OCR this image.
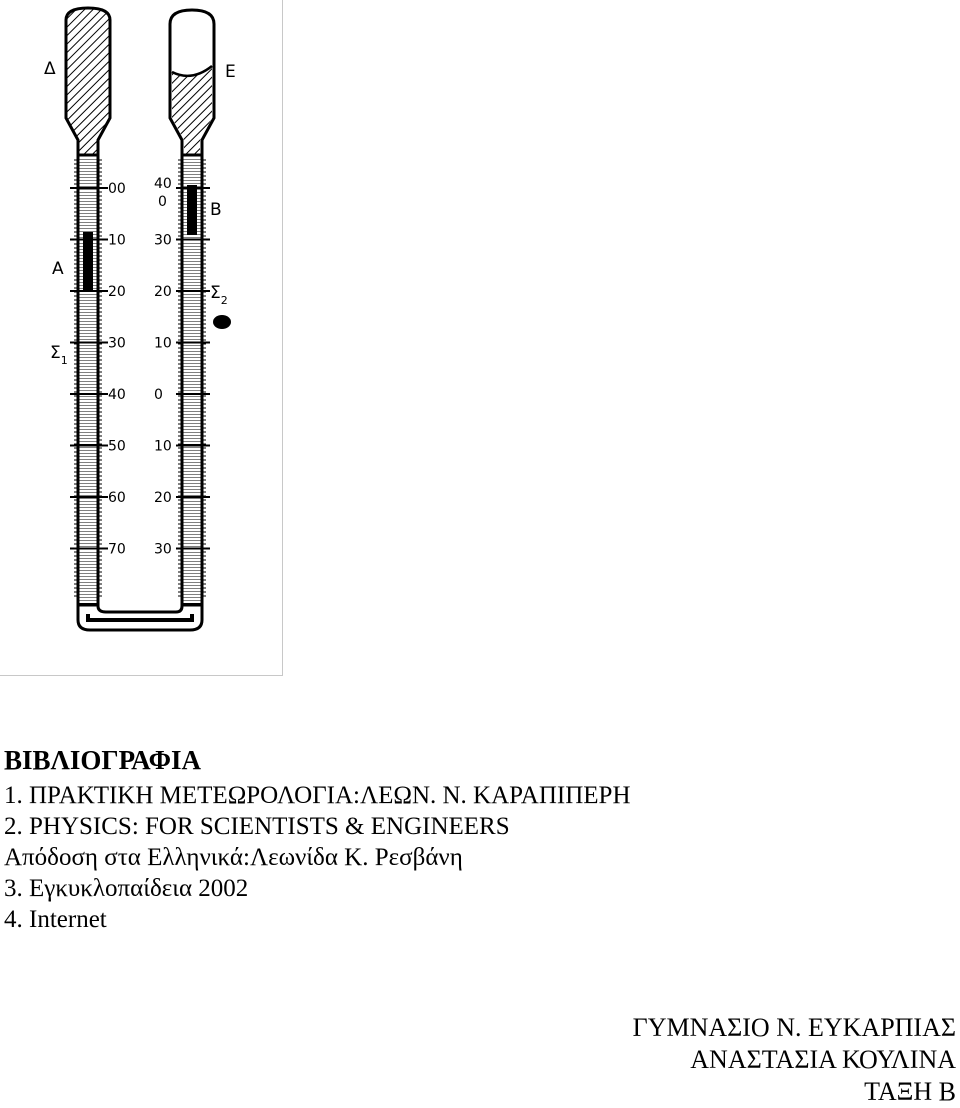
00
10
20
30
40
50
60
70
40
30
20
10
0
10
20
30
Δ	Ε
Α
Β
$\Sigma_1$
$\Sigma_2$
0
ΒΙΒΛΙΟΓΡΑΦΙΑ
1. ΠΡΑΚΤΙΚΗ ΜΕΤΕΩΡΟΛΟΓΙΑ:ΛΕΩΝ. Ν. ΚΑΡΑΠΙΠΕΡΗ
2. PHYSICS: FOR SCIENTISTS & ENGINEERS
Απόδοση στα Ελληνικά:Λεωνίδα Κ. Ρεσβάνη
3. Εγκυκλοπαίδεια 2002
4. Internet
ΓΥΜΝΑΣΙΟ Ν. ΕΥΚΑΡΠΙΑΣ
ΑΝΑΣΤΑΣΙΑ ΚΟΥΛΙΝΑ
ΤΑΞΗ Β
